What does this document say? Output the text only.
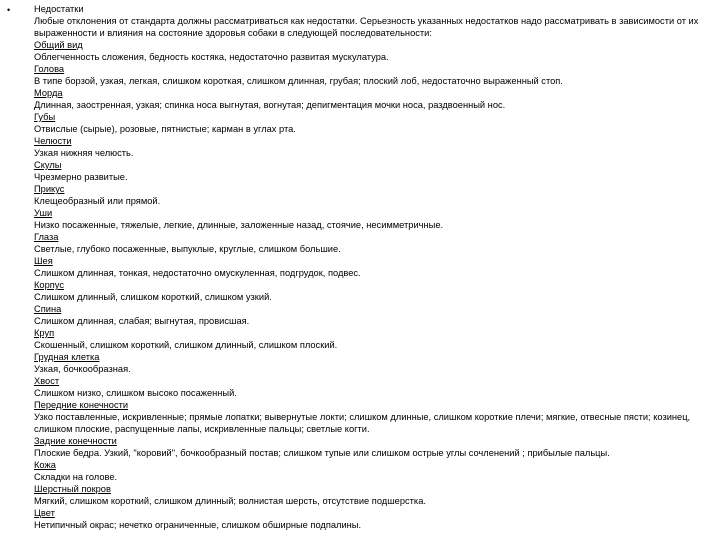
•	Недостатки
Любые отклонения от стандарта должны рассматриваться как недостатки. Серьезность указанных недостатков надо рассматривать в зависимости от их выраженности и влияния на состояние здоровья собаки в следующей последовательности:
Общий вид
Облегченность сложения, бедность костяка, недостаточно развитая мускулатура.
Голова
В типе борзой, узкая, легкая, слишком короткая, слишком длинная, грубая; плоский лоб, недостаточно выраженный стоп.
Морда
Длинная, заостренная, узкая; спинка носа выгнутая, вогнутая; депигментация мочки носа, раздвоенный нос.
Губы
Отвислые (сырые), розовые, пятнистые; карман в углах рта.
Челюсти
Узкая нижняя челюсть.
Скулы
Чрезмерно развитые.
Прикус
Клещеобразный или прямой.
Уши
Низко посаженные, тяжелые, легкие, длинные, заложенные назад, стоячие, несимметричные.
Глаза
Светлые, глубоко посаженные, выпуклые, круглые, слишком большие.
Шея
Слишком длинная, тонкая, недостаточно омускуленная, подгрудок, подвес.
Корпус
Слишком длинный, слишком короткий, слишком узкий.
Спина
Слишком длинная, слабая; выгнутая, провисшая.
Круп
Скошенный, слишком короткий, слишком длинный, слишком плоский.
Грудная клетка
Узкая, бочкообразная.
Хвост
Слишком низко, слишком высоко посаженный.
Передние конечности
Узко поставленные, искривленные; прямые лопатки; вывернутые локти; слишком длинные, слишком короткие плечи; мягкие, отвесные пясти; козинец, слишком плоские, распущенные лапы, искривленные пальцы; светлые когти.
Задние конечности
Плоские бедра. Узкий, "коровий", бочкообразный постав; слишком тупые или слишком острые углы сочленений ; прибылые пальцы.
Кожа
Складки на голове.
Шерстный покров
Мягкий, слишком короткий, слишком длинный; волнистая шерсть, отсутствие подшерстка.
Цвет
Нетипичный окрас; нечетко ограниченные, слишком обширные подпалины.
